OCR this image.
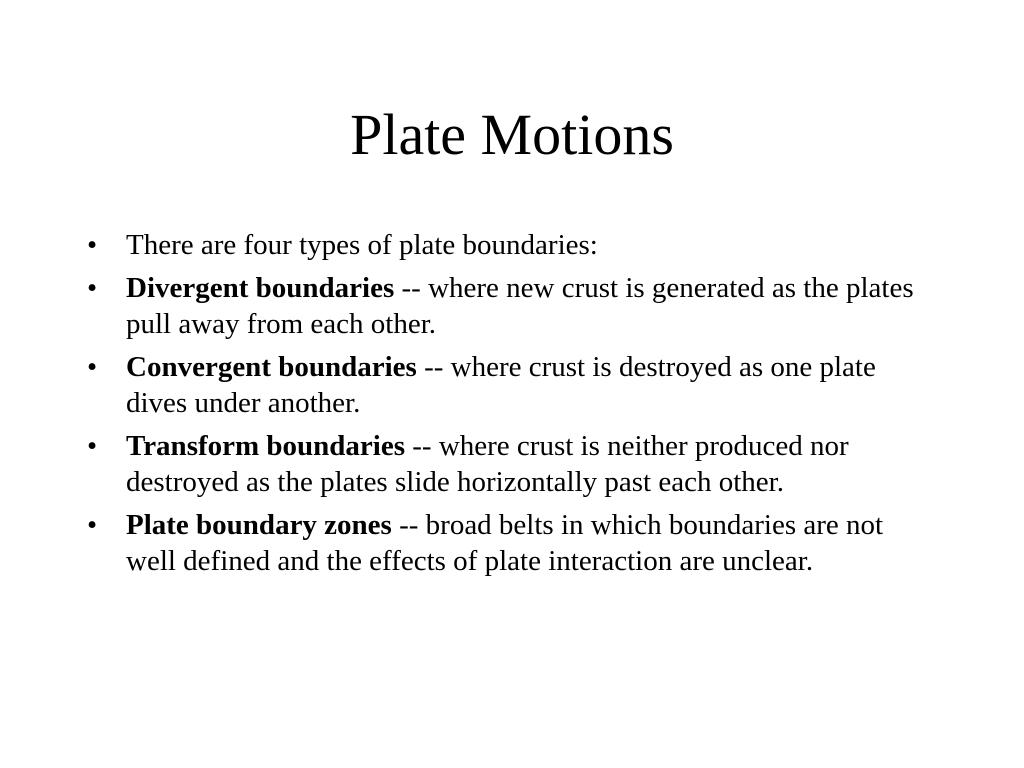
Plate Motions
• There are four types of plate boundaries:
• Divergent boundaries -- where new crust is generated as the plates pull away from each other.
• Convergent boundaries -- where crust is destroyed as one plate dives under another.
• Transform boundaries -- where crust is neither produced nor destroyed as the plates slide horizontally past each other.
• Plate boundary zones -- broad belts in which boundaries are not well defined and the effects of plate interaction are unclear.
